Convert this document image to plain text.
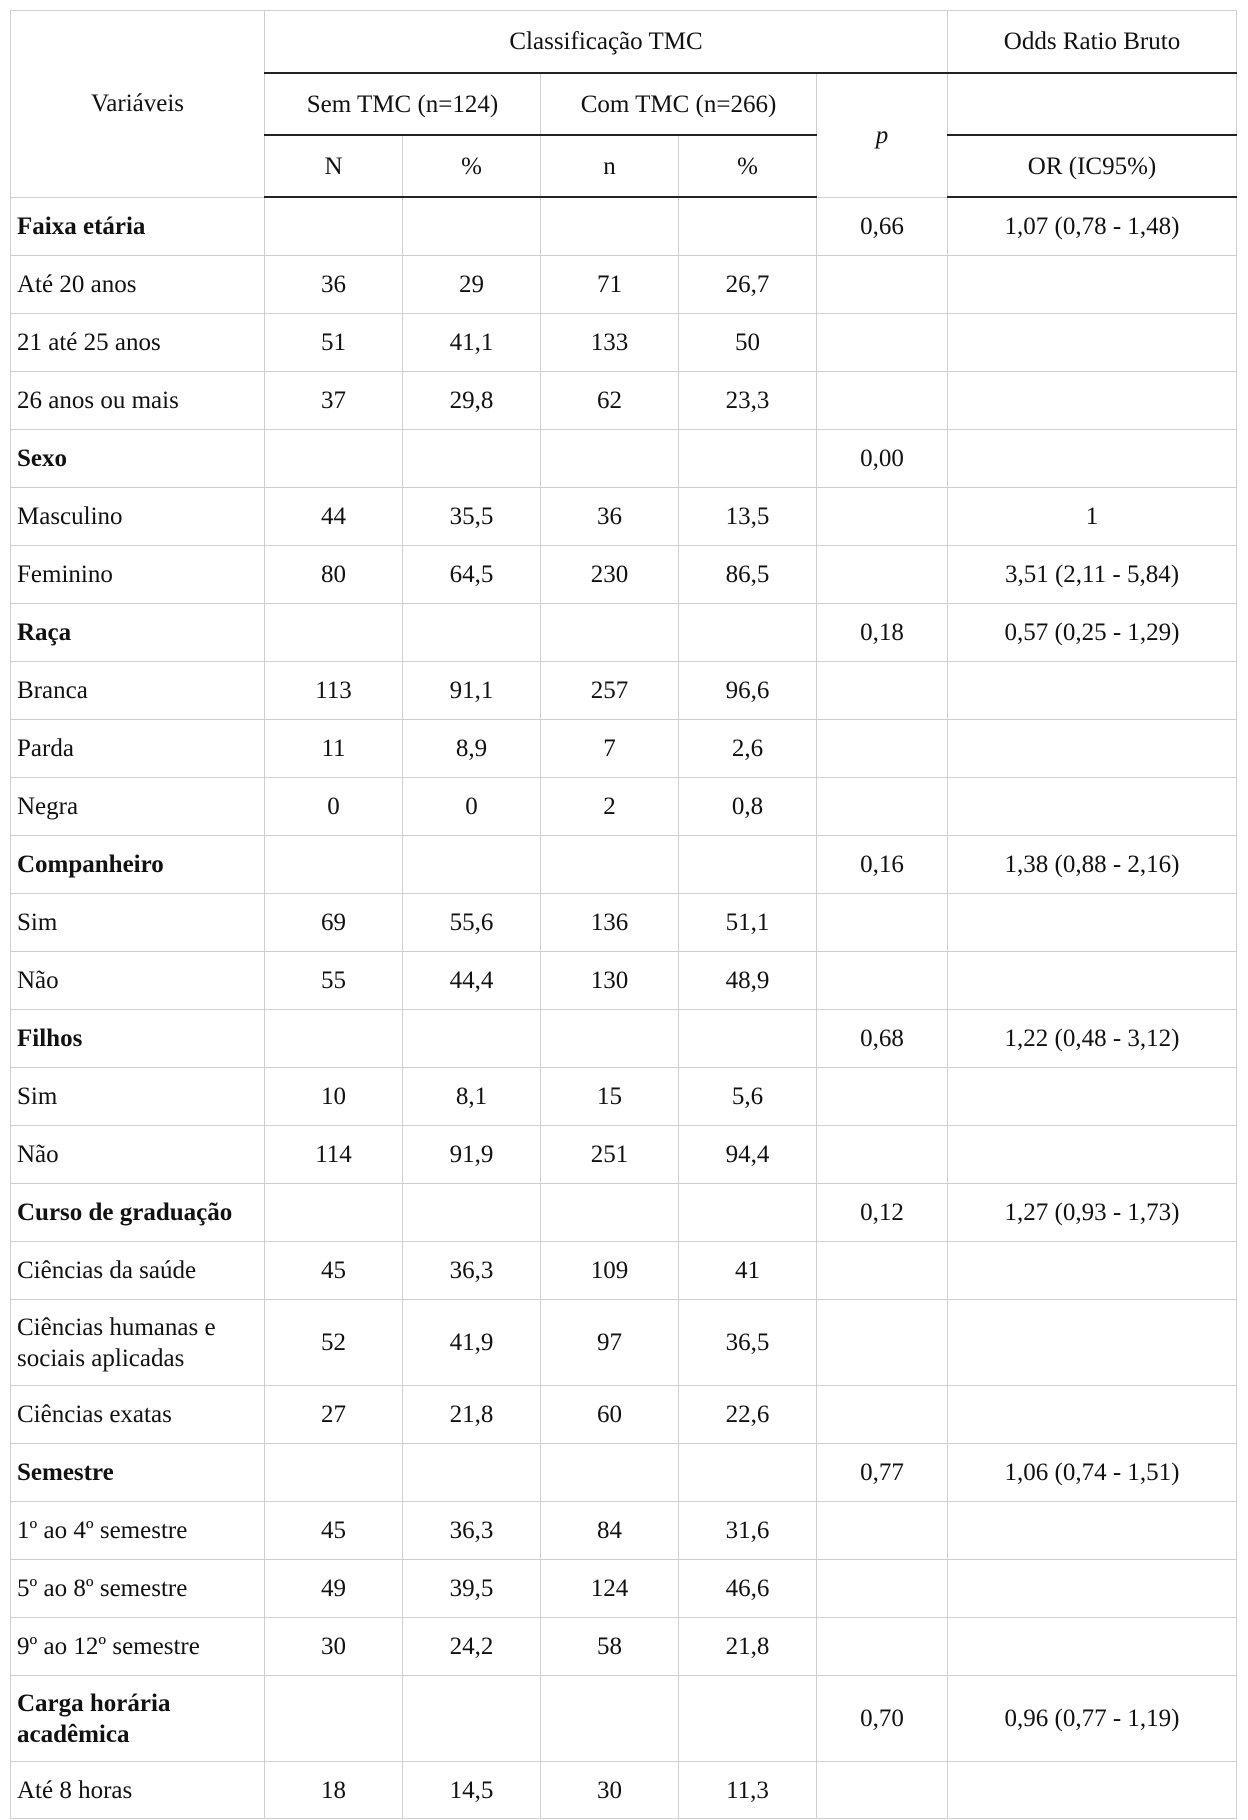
Variáveis	Classificação TMC					Odds Ratio Bruto
	Sem TMC (n=124)		Com TMC (n=266)		p	
	N	%	n	%		OR (IC95%)
Faixa etária					0,66	1,07 (0,78 - 1,48)
Até 20 anos	36	29	71	26,7		
21 até 25 anos	51	41,1	133	50		
26 anos ou mais	37	29,8	62	23,3		
Sexo					0,00	
Masculino	44	35,5	36	13,5		1
Feminino	80	64,5	230	86,5		3,51 (2,11 - 5,84)
Raça					0,18	0,57 (0,25 - 1,29)
Branca	113	91,1	257	96,6		
Parda	11	8,9	7	2,6		
Negra	0	0	2	0,8		
Companheiro					0,16	1,38 (0,88 - 2,16)
Sim	69	55,6	136	51,1		
Não	55	44,4	130	48,9		
Filhos					0,68	1,22 (0,48 - 3,12)
Sim	10	8,1	15	5,6		
Não	114	91,9	251	94,4		
Curso de graduação					0,12	1,27 (0,93 - 1,73)
Ciências da saúde	45	36,3	109	41		
Ciências humanas e sociais aplicadas	52	41,9	97	36,5		
Ciências exatas	27	21,8	60	22,6		
Semestre					0,77	1,06 (0,74 - 1,51)
1º ao 4º semestre	45	36,3	84	31,6		
5º ao 8º semestre	49	39,5	124	46,6		
9º ao 12º semestre	30	24,2	58	21,8		
Carga horária acadêmica					0,70	0,96 (0,77 - 1,19)
Até 8 horas	18	14,5	30	11,3		
